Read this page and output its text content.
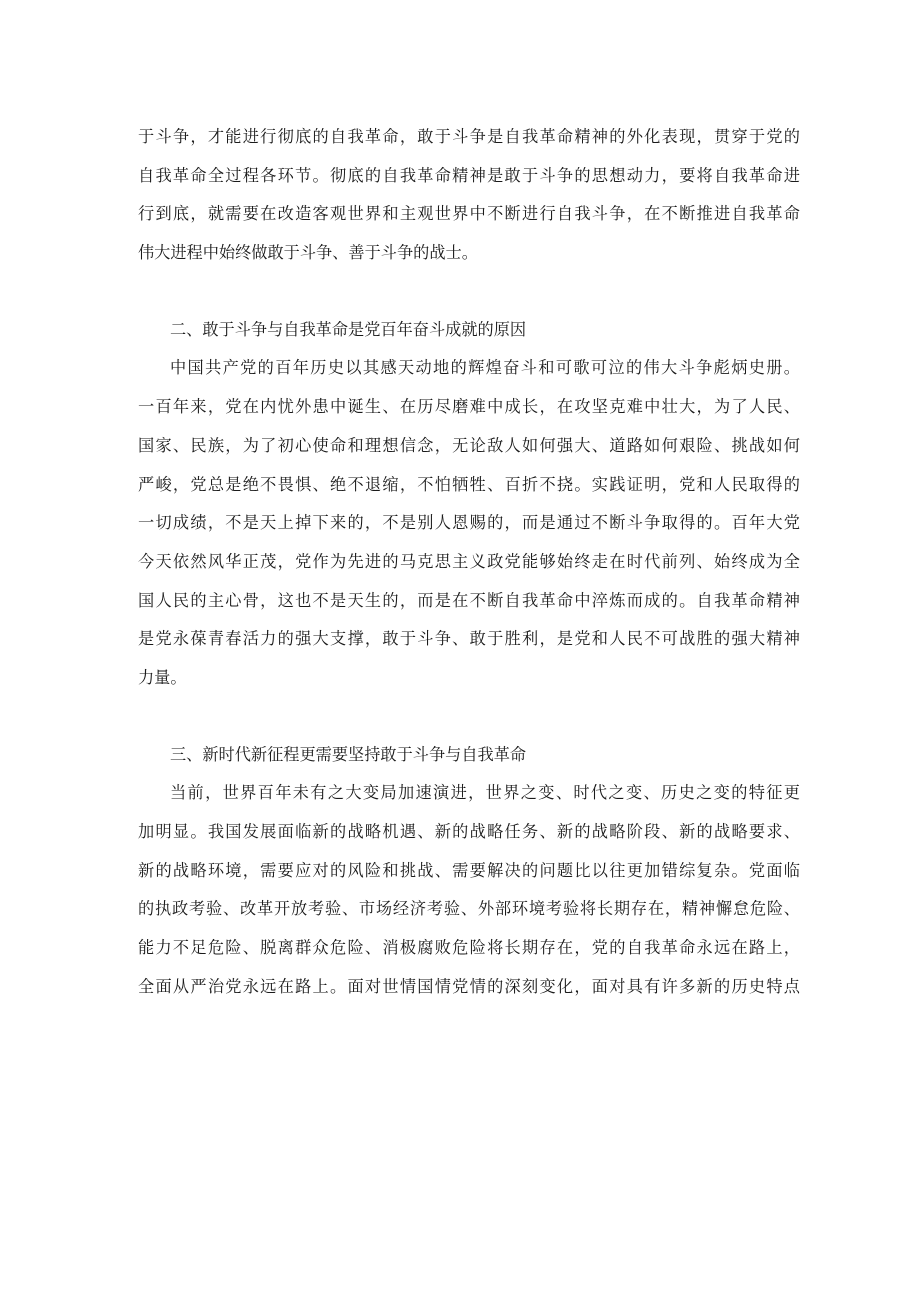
于斗争，才能进行彻底的自我革命，敢于斗争是自我革命精神的外化表现，贯穿于党的
自我革命全过程各环节。彻底的自我革命精神是敢于斗争的思想动力，要将自我革命进
行到底，就需要在改造客观世界和主观世界中不断进行自我斗争，在不断推进自我革命
伟大进程中始终做敢于斗争、善于斗争的战士。
二、敢于斗争与自我革命是党百年奋斗成就的原因
中国共产党的百年历史以其感天动地的辉煌奋斗和可歌可泣的伟大斗争彪炳史册。
一百年来，党在内忧外患中诞生、在历尽磨难中成长，在攻坚克难中壮大，为了人民、
国家、民族，为了初心使命和理想信念，无论敌人如何强大、道路如何艰险、挑战如何
严峻，党总是绝不畏惧、绝不退缩，不怕牺牲、百折不挠。实践证明，党和人民取得的
一切成绩，不是天上掉下来的，不是别人恩赐的，而是通过不断斗争取得的。百年大党
今天依然风华正茂，党作为先进的马克思主义政党能够始终走在时代前列、始终成为全
国人民的主心骨，这也不是天生的，而是在不断自我革命中淬炼而成的。自我革命精神
是党永葆青春活力的强大支撑，敢于斗争、敢于胜利，是党和人民不可战胜的强大精神
力量。
三、新时代新征程更需要坚持敢于斗争与自我革命
当前，世界百年未有之大变局加速演进，世界之变、时代之变、历史之变的特征更
加明显。我国发展面临新的战略机遇、新的战略任务、新的战略阶段、新的战略要求、
新的战略环境，需要应对的风险和挑战、需要解决的问题比以往更加错综复杂。党面临
的执政考验、改革开放考验、市场经济考验、外部环境考验将长期存在，精神懈怠危险、
能力不足危险、脱离群众危险、消极腐败危险将长期存在，党的自我革命永远在路上，
全面从严治党永远在路上。面对世情国情党情的深刻变化，面对具有许多新的历史特点
